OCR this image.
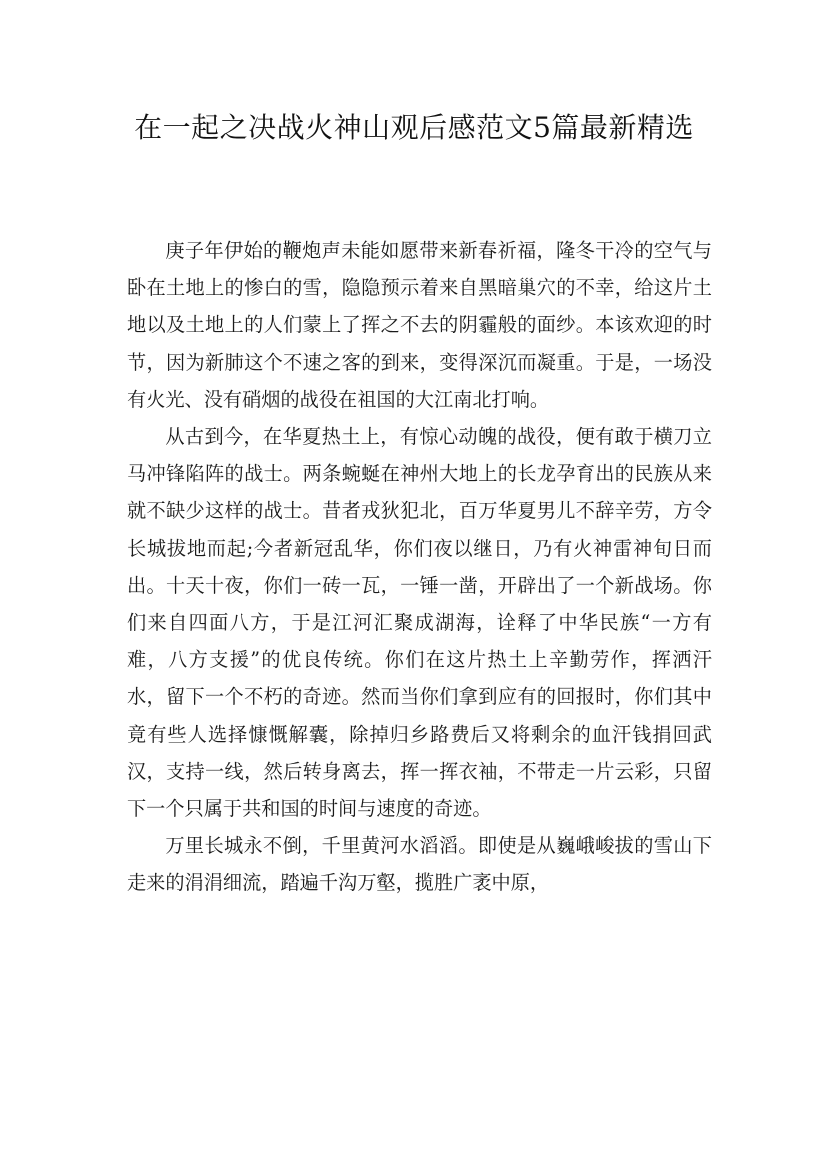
在一起之决战火神山观后感范文5篇最新精选

庚子年伊始的鞭炮声未能如愿带来新春祈福，隆冬干冷的空气与卧在土地上的惨白的雪，隐隐预示着来自黑暗巢穴的不幸，给这片土地以及土地上的人们蒙上了挥之不去的阴霾般的面纱。本该欢迎的时节，因为新肺这个不速之客的到来，变得深沉而凝重。于是，一场没有火光、没有硝烟的战役在祖国的大江南北打响。

从古到今，在华夏热土上，有惊心动魄的战役，便有敢于横刀立马冲锋陷阵的战士。两条蜿蜒在神州大地上的长龙孕育出的民族从来就不缺少这样的战士。昔者戎狄犯北，百万华夏男儿不辞辛劳，方令长城拔地而起;今者新冠乱华，你们夜以继日，乃有火神雷神旬日而出。十天十夜，你们一砖一瓦，一锤一凿，开辟出了一个新战场。你们来自四面八方，于是江河汇聚成湖海，诠释了中华民族“一方有难，八方支援”的优良传统。你们在这片热土上辛勤劳作，挥洒汗水，留下一个不朽的奇迹。然而当你们拿到应有的回报时，你们其中竟有些人选择慷慨解囊，除掉归乡路费后又将剩余的血汗钱捐回武汉，支持一线，然后转身离去，挥一挥衣袖，不带走一片云彩，只留下一个只属于共和国的时间与速度的奇迹。

万里长城永不倒，千里黄河水滔滔。即使是从巍峨峻拔的雪山下走来的涓涓细流，踏遍千沟万壑，揽胜广袤中原，
